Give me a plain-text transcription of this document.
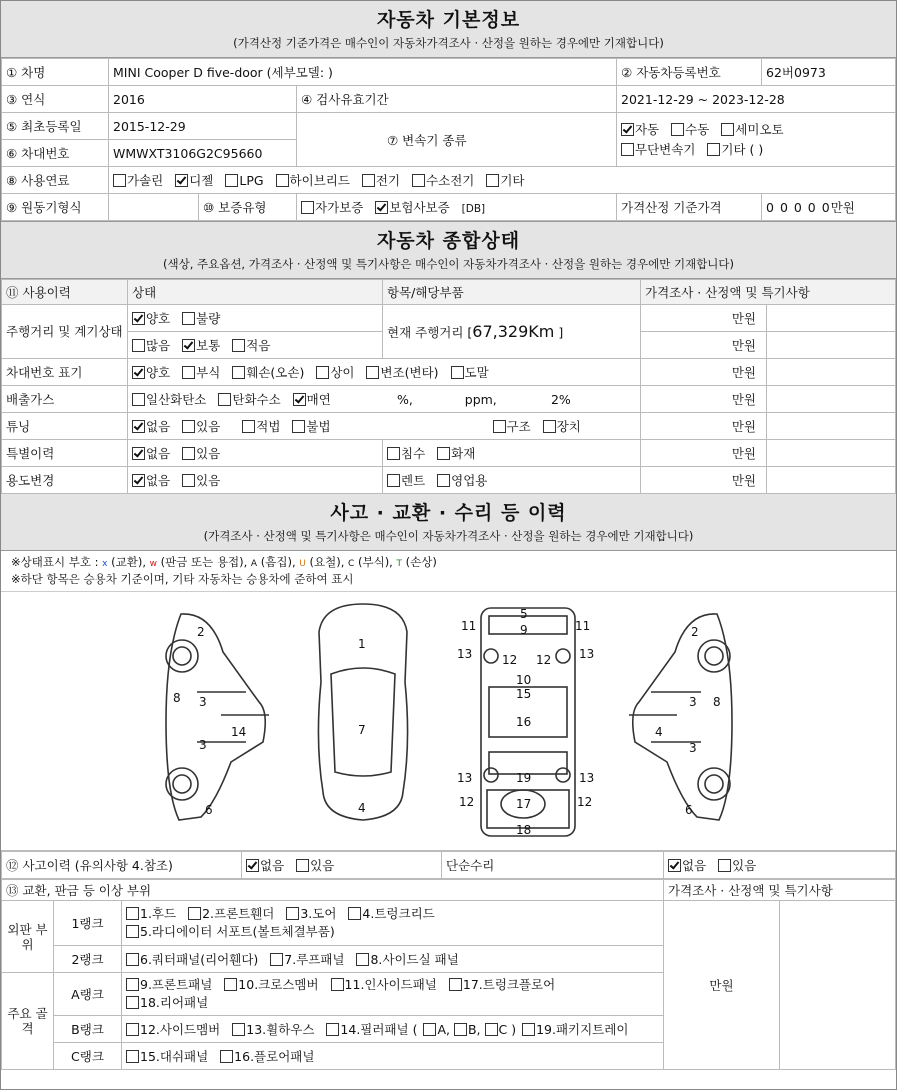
자동차 기본정보
(가격산정 기준가격은 매수인이 자동차가격조사 · 산정을 원하는 경우에만 기재합니다)
① 차명	MINI Cooper D five-door (세부모델: )			② 자동차등록번호	62버0973
③ 연식	2016		④ 검사유효기간	2021-12-29 ~ 2023-12-28	
⑤ 최초등록일	2015-12-29		⑦ 변속기 종류	자동 수동 세미오토
무단변속기 기타 ( )	
⑥ 차대번호	WMWXT3106G2C95660				
⑧ 사용연료	가솔린 디젤 LPG 하이브리드 전기 수소전기 기타				
⑨ 원동기형식		⑩ 보증유형	자가보증 보험사보증 [DB]	가격산정 기준가격	0 0 0 0 0만원
자동차 종합상태
(색상, 주요옵션, 가격조사 · 산정액 및 특기사항은 매수인이 자동차가격조사 · 산정을 원하는 경우에만 기재합니다)
⑪ 사용이력	상태	항목/해당부품	가격조사 · 산정액 및 특기사항	
주행거리 및 계기상태	양호 불량	현재 주행거리 [67,329Km ]	만원	
	많음 보통 적음		만원	
차대번호 표기	양호 부식 훼손(오손) 상이 변조(변타) 도말		만원	
배출가스	일산화탄소 탄화수소 매연 %, ppm, 2%		만원	
튜닝	없음 있음 적법 불법 구조 장치		만원	
특별이력	없음 있음	침수 화재	만원	
용도변경	없음 있음	렌트 영업용	만원	
사고 · 교환 · 수리 등 이력
(가격조사 · 산정액 및 특기사항은 매수인이 자동차가격조사 · 산정을 원하는 경우에만 기재합니다)
※상태표시 부호 : x (교환), w (판금 또는 용접), A (흠집), U (요철), C (부식), T (손상)
※하단 항목은 승용차 기준이며, 기타 자동차는 승용차에 준하여 표시
2
8 3
3
14
6
1
7
4
5
9
11	11
13	13
12 12
10
15
16
13	13
19
12	12
17
18
2
3 8
4
3
6
⑫ 사고이력 (유의사항 4.참조)	없음 있음	단순수리	없음 있음
⑬ 교환, 판금 등 이상 부위			가격조사 · 산정액 및 특기사항	
외판 부위	1랭크	1.후드 2.프론트휀더 3.도어 4.트렁크리드
5.라디에이터 서포트(볼트체결부품)	만원	
	2랭크	6.쿼터패널(리어휀다) 7.루프패널 8.사이드실 패널		
주요 골격	A랭크	9.프론트패널 10.크로스멤버 11.인사이드패널 17.트렁크플로어
18.리어패널		
	B랭크	12.사이드멤버 13.휠하우스 14.필러패널 ( A, B, C ) 19.패키지트레이		
	C랭크	15.대쉬패널 16.플로어패널		
